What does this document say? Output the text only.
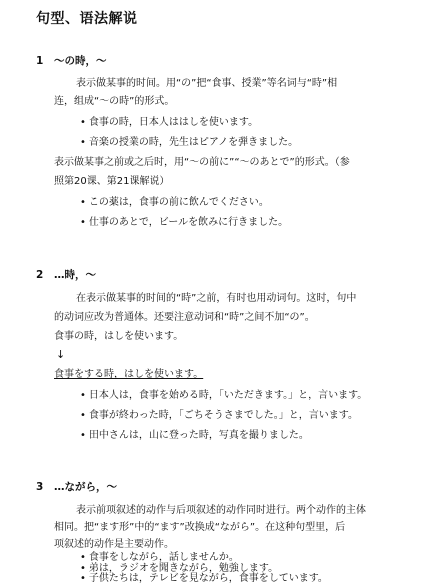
句型、语法解说
1 ～の時，～
表示做某事的时间。用“の”把“食事、授業”等名词与“時”相
连，组成“～の時”的形式。
• 食事の時，日本人ははしを使います。
• 音楽の授業の時，先生はピアノを弾きました。
表示做某事之前或之后时，用“～の前に”“～のあとで”的形式。（参
照第20课、第21课解说）
• この薬は，食事の前に飲んでください。
• 仕事のあとで，ビールを飲みに行きました。
2 …時，～
在表示做某事的时间的“時”之前，有时也用动词句。这时，句中
的动词应改为普通体。还要注意动词和“時”之间不加“の”。
食事の時，はしを使います。
↓
食事をする時，はしを使います。
• 日本人は，食事を始める時，「いただきます。」と，言います。
• 食事が終わった時，「ごちそうさまでした。」と，言います。
• 田中さんは，山に登った時，写真を撮りました。
3 …ながら，～
表示前项叙述的动作与后项叙述的动作同时进行。两个动作的主体
相同。把“ます形”中的“ます”改换成“ながら”。在这种句型里，后
项叙述的动作是主要动作。
• 食事をしながら，話しませんか。
• 弟は，ラジオを聞きながら，勉強します。
• 子供たちは，テレビを見ながら，食事をしています。
